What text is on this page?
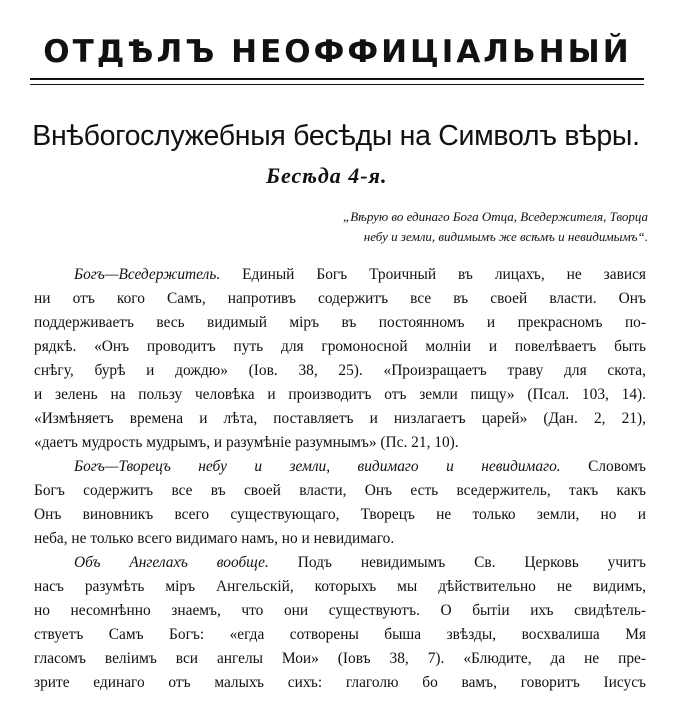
ОТДѢЛЪ НЕОФФИЦІАЛЬНЫЙ
Внѣбогослужебныя бесѣды на Символъ вѣры.
Бесѣда 4-я.
„Вѣрую во единаго Бога Отца, Вседержителя, Творца
небу и земли, видимымъ же всѣмъ и невидимымъ“.
Богъ—Вседержитель. Единый Богъ Троичный въ лицахъ, не завися
ни отъ кого Самъ, напротивъ содержитъ все въ своей власти. Онъ
поддерживаетъ весь видимый міръ въ постоянномъ и прекрасномъ по-
рядкѣ. «Онъ проводитъ путь для громоносной молніи и повелѣваетъ быть
снѣгу, бурѣ и дождю» (Іов. 38, 25). «Произращаетъ траву для скота,
и зелень на пользу человѣка и производитъ отъ земли пищу» (Псал. 103, 14).
«Измѣняетъ времена и лѣта, поставляетъ и низлагаетъ царей» (Дан. 2, 21),
«даетъ мудрость мудрымъ, и разумѣніе разумнымъ» (Пс. 21, 10).
Богъ—Творецъ небу и земли, видимаго и невидимаго. Словомъ
Богъ содержитъ все въ своей власти, Онъ есть вседержитель, такъ какъ
Онъ виновникъ всего существующаго, Творецъ не только земли, но и
неба, не только всего видимаго намъ, но и невидимаго.
Объ Ангелахъ вообще. Подъ невидимымъ Св. Церковь учитъ
насъ разумѣть міръ Ангельскій, которыхъ мы дѣйствительно не видимъ,
но несомнѣнно знаемъ, что они существуютъ. О бытіи ихъ свидѣтель-
ствуетъ Самъ Богъ: «егда сотворены быша звѣзды, восхвалиша Мя
гласомъ веліимъ вси ангелы Мои» (Іовъ 38, 7). «Блюдите, да не пре-
зрите единаго отъ малыхъ сихъ: глаголю бо вамъ, говоритъ Іисусъ
